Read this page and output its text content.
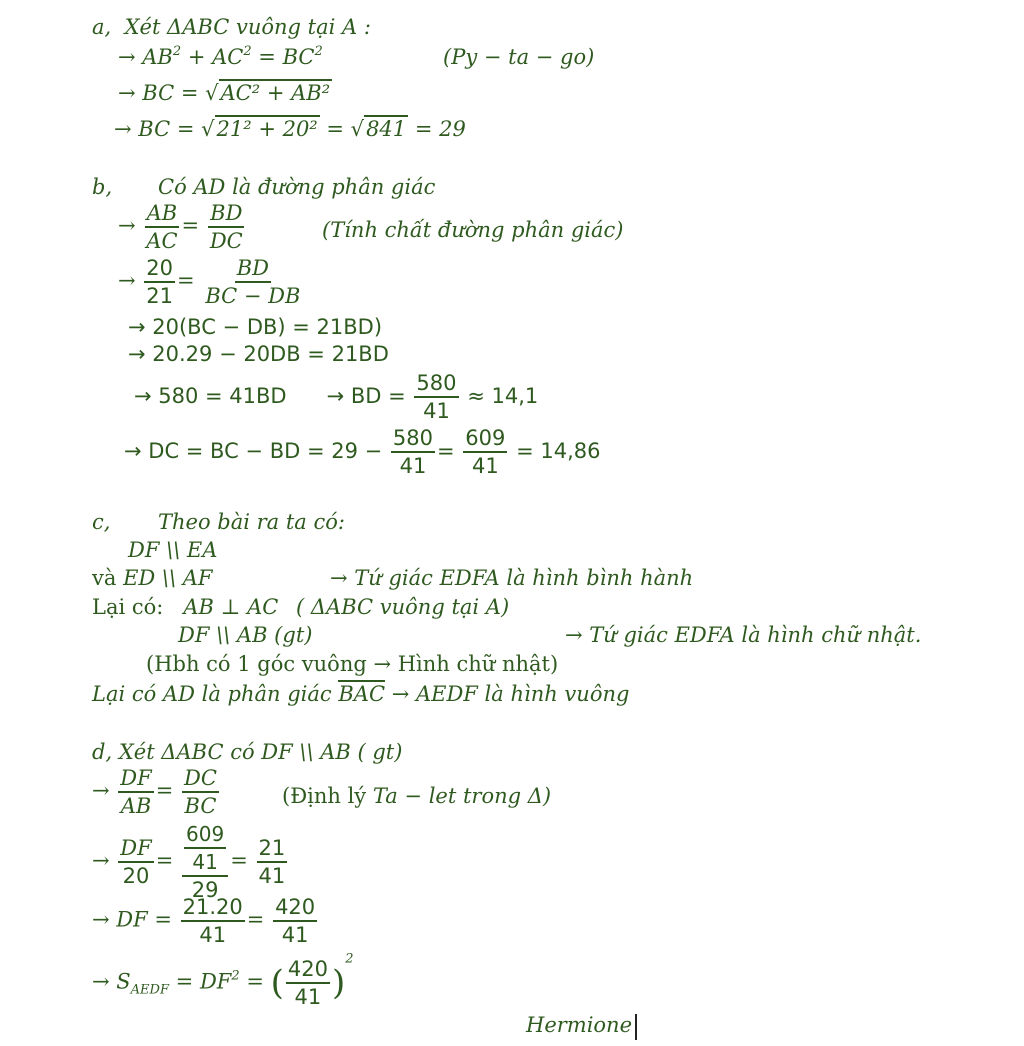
a, Xét ΔABC vuông tại A :
→ $AB^2 + AC^2 = BC^2$	(Py − ta − go)
→ BC = √AC² + AB²
→ BC = √21² + 20² = √841 = 29
b, Có AD là đường phân giác
→ $\frac{AB}{AC} = \frac{BD}{DC}$	(Tính chất đường phân giác)
→ $\frac{20}{21} = \frac{BD}{BC - DB}$
→ 20(BC − DB) = 21BD)
→ 20.29 − 20DB = 21BD
→ 580 = 41BD → BD = $\frac{580}{41} \approx 14,1$
→ DC = BC − BD = $29 - \frac{580}{41} = \frac{609}{41} = 14,86$
c, Theo bài ra ta có:
DF \\ EA
và ED \\ AF	→ Tứ giác EDFA là hình bình hành
Lại có: AB ⊥ AC ( ΔABC vuông tại A)
DF \\ AB (gt)	→ Tứ giác EDFA là hình chữ nhật.
(Hbh có 1 góc vuông → Hình chữ nhật)
Lại có AD là phân giác BAC → AEDF là hình vuông
d, Xét ΔABC có DF \\ AB ( gt)
→ $\frac{DF}{AB} = \frac{DC}{BC}$	(Định lý Ta − let trong Δ)
→ $\frac{DF}{20} = \frac{\frac{609}{41}}{29} = \frac{21}{41}$
→ DF = $\frac{21.20}{41} = \frac{420}{41}$
→ $S_{AEDF} = DF^2$ = ( $\frac{420}{41} )^2$
Hermione
